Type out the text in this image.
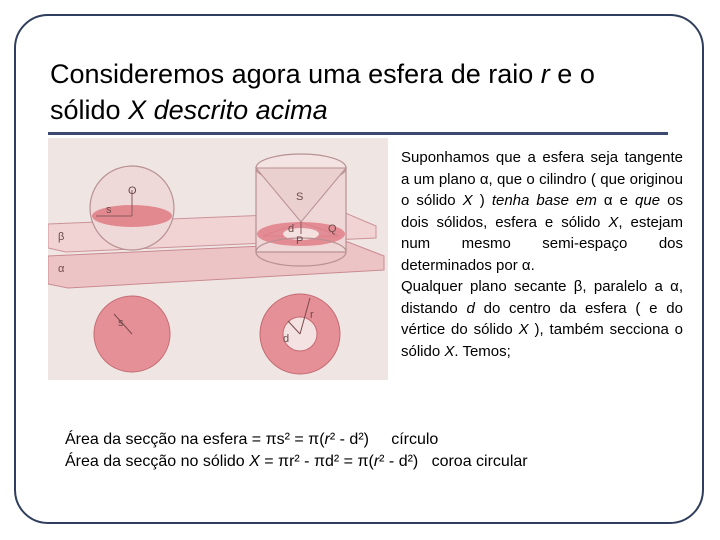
Consideremos agora uma esfera de raio r e o
sólido X descrito acima
O
s
S
d
P
Q
β
α
s
r
d

Suponhamos que a esfera seja tangente a um plano α, que o cilindro ( que originou o sólido X ) tenha base em α e que os dois sólidos, esfera e sólido X, estejam num mesmo semi-espaço dos determinados por α.

Qualquer plano secante β, paralelo a α, distando d do centro da esfera ( e do vértice do sólido X ), também secciona o sólido X. Temos;

Área da secção na esfera = πs² = π(r² - d²)     círculo
Área da secção no sólido X = πr² - πd² = π(r² - d²)   coroa circular
